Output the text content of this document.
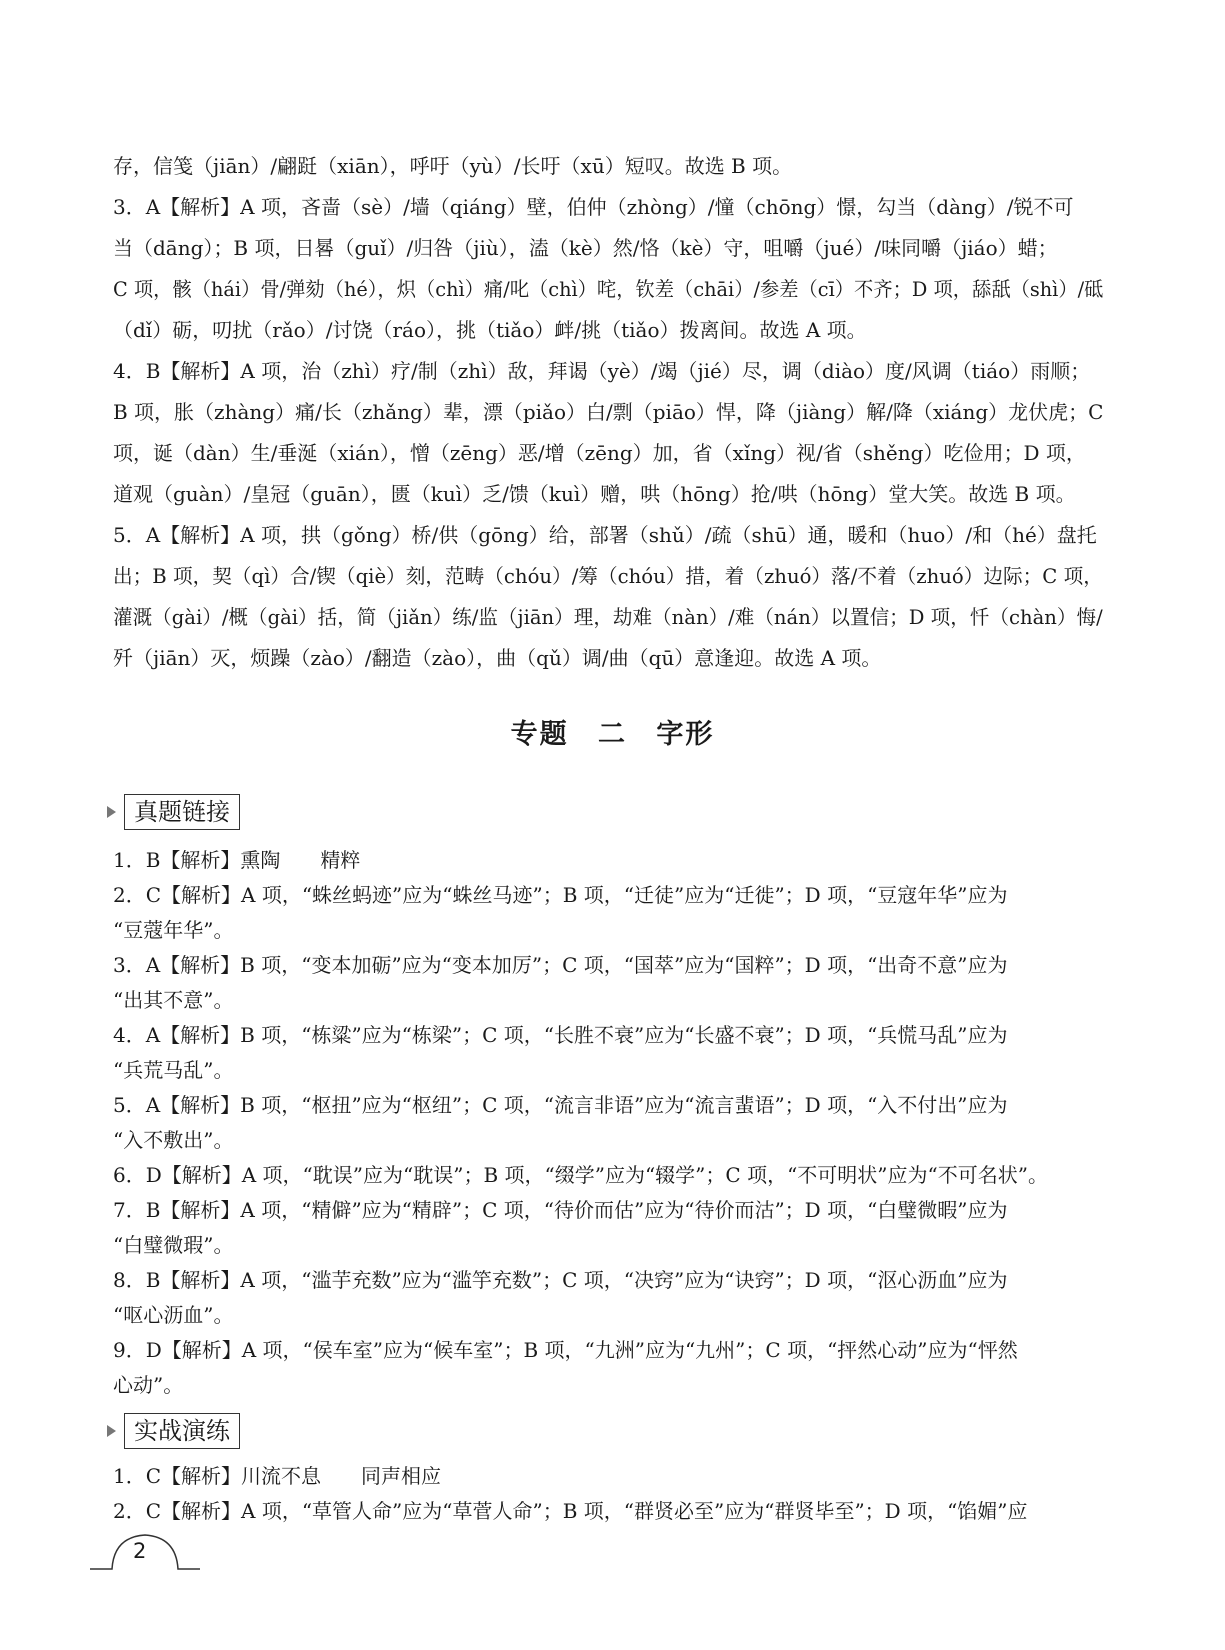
存，信笺（jiān）/翩跹（xiān），呼吁（yù）/长吁（xū）短叹。故选 B 项。
3．A【解析】A 项，吝啬（sè）/墙（qiáng）壁，伯仲（zhòng）/憧（chōng）憬，勾当（dàng）/锐不可
当（dāng）；B 项，日晷（guǐ）/归咎（jiù），溘（kè）然/恪（kè）守，咀嚼（jué）/味同嚼（jiáo）蜡；
C 项，骸（hái）骨/弹劾（hé），炽（chì）痛/叱（chì）咤，钦差（chāi）/参差（cī）不齐；D 项，舔舐（shì）/砥
（dǐ）砺，叨扰（rǎo）/讨饶（ráo），挑（tiǎo）衅/挑（tiǎo）拨离间。故选 A 项。
4．B【解析】A 项，治（zhì）疗/制（zhì）敌，拜谒（yè）/竭（jié）尽，调（diào）度/风调（tiáo）雨顺；
B 项，胀（zhàng）痛/长（zhǎng）辈，漂（piǎo）白/剽（piāo）悍，降（jiàng）解/降（xiáng）龙伏虎；C
项，诞（dàn）生/垂涎（xián），憎（zēng）恶/增（zēng）加，省（xǐng）视/省（shěng）吃俭用；D 项，
道观（guàn）/皇冠（guān），匮（kuì）乏/馈（kuì）赠，哄（hōng）抢/哄（hōng）堂大笑。故选 B 项。
5．A【解析】A 项，拱（gǒng）桥/供（gōng）给，部署（shǔ）/疏（shū）通，暖和（huo）/和（hé）盘托
出；B 项，契（qì）合/锲（qiè）刻，范畴（chóu）/筹（chóu）措，着（zhuó）落/不着（zhuó）边际；C 项，
灌溉（gài）/概（gài）括，简（jiǎn）练/监（jiān）理，劫难（nàn）/难（nán）以置信；D 项，忏（chàn）悔/
歼（jiān）灭，烦躁（zào）/翻造（zào），曲（qǔ）调/曲（qū）意逢迎。故选 A 项。
专题 二 字形
真题链接
1．B【解析】熏陶　　精粹
2．C【解析】A 项，“蛛丝蚂迹”应为“蛛丝马迹”；B 项，“迁徒”应为“迁徙”；D 项，“豆寇年华”应为
“豆蔻年华”。
3．A【解析】B 项，“变本加砺”应为“变本加厉”；C 项，“国萃”应为“国粹”；D 项，“出奇不意”应为
“出其不意”。
4．A【解析】B 项，“栋粱”应为“栋梁”；C 项，“长胜不衰”应为“长盛不衰”；D 项，“兵慌马乱”应为
“兵荒马乱”。
5．A【解析】B 项，“枢扭”应为“枢纽”；C 项，“流言非语”应为“流言蜚语”；D 项，“入不付出”应为
“入不敷出”。
6．D【解析】A 项，“耽误”应为“耽误”；B 项，“缀学”应为“辍学”；C 项，“不可明状”应为“不可名状”。
7．B【解析】A 项，“精僻”应为“精辟”；C 项，“待价而估”应为“待价而沽”；D 项，“白璧微暇”应为
“白璧微瑕”。
8．B【解析】A 项，“滥芋充数”应为“滥竽充数”；C 项，“决窍”应为“诀窍”；D 项，“沤心沥血”应为
“呕心沥血”。
9．D【解析】A 项，“侯车室”应为“候车室”；B 项，“九洲”应为“九州”；C 项，“抨然心动”应为“怦然
心动”。
实战演练
1．C【解析】川流不息　　同声相应
2．C【解析】A 项，“草管人命”应为“草菅人命”；B 项，“群贤必至”应为“群贤毕至”；D 项，“馅媚”应
2
